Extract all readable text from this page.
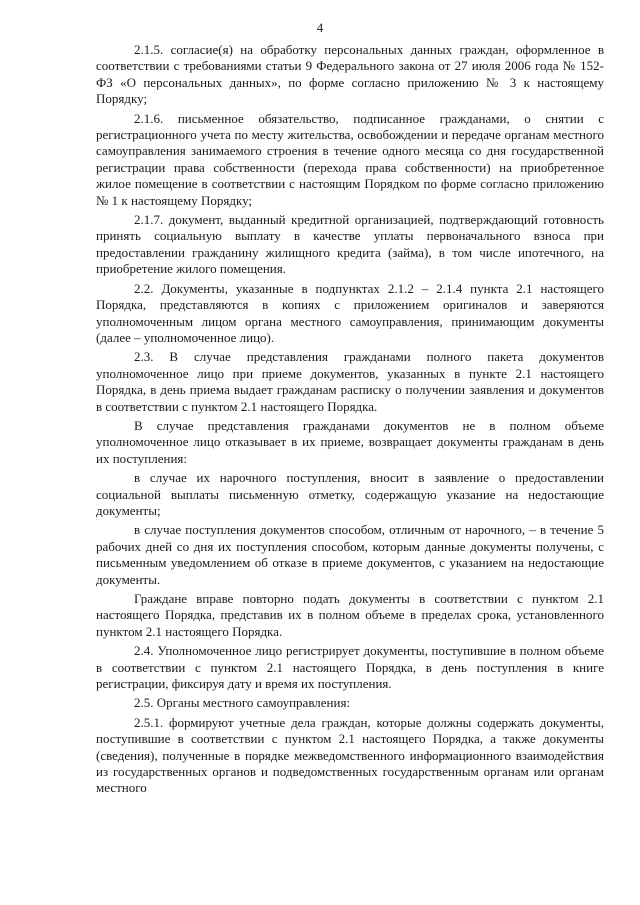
4

2.1.5. согласие(я) на обработку персональных данных граждан, оформленное в соответствии с требованиями статьи 9 Федерального закона от 27 июля 2006 года № 152-ФЗ «О персональных данных», по форме согласно приложению № 3 к настоящему Порядку;

2.1.6. письменное обязательство, подписанное гражданами, о снятии с регистрационного учета по месту жительства, освобождении и передаче органам местного самоуправления занимаемого строения в течение одного месяца со дня государственной регистрации права собственности (перехода права собственности) на приобретенное жилое помещение в соответствии с настоящим Порядком по форме согласно приложению № 1 к настоящему Порядку;

2.1.7. документ, выданный кредитной организацией, подтверждающий готовность принять социальную выплату в качестве уплаты первоначального взноса при предоставлении гражданину жилищного кредита (займа), в том числе ипотечного, на приобретение жилого помещения.

2.2. Документы, указанные в подпунктах 2.1.2 – 2.1.4 пункта 2.1 настоящего Порядка, представляются в копиях с приложением оригиналов и заверяются уполномоченным лицом органа местного самоуправления, принимающим документы (далее – уполномоченное лицо).

2.3. В случае представления гражданами полного пакета документов уполномоченное лицо при приеме документов, указанных в пункте 2.1 настоящего Порядка, в день приема выдает гражданам расписку о получении заявления и документов в соответствии с пунктом 2.1 настоящего Порядка.

В случае представления гражданами документов не в полном объеме уполномоченное лицо отказывает в их приеме, возвращает документы гражданам в день их поступления:

в случае их нарочного поступления, вносит в заявление о предоставлении социальной выплаты письменную отметку, содержащую указание на недостающие документы;

в случае поступления документов способом, отличным от нарочного, – в течение 5 рабочих дней со дня их поступления способом, которым данные документы получены, с письменным уведомлением об отказе в приеме документов, с указанием на недостающие документы.

Граждане вправе повторно подать документы в соответствии с пунктом 2.1 настоящего Порядка, представив их в полном объеме в пределах срока, установленного пунктом 2.1 настоящего Порядка.

2.4. Уполномоченное лицо регистрирует документы, поступившие в полном объеме в соответствии с пунктом 2.1 настоящего Порядка, в день поступления в книге регистрации, фиксируя дату и время их поступления.

2.5. Органы местного самоуправления:

2.5.1. формируют учетные дела граждан, которые должны содержать документы, поступившие в соответствии с пунктом 2.1 настоящего Порядка, а также документы (сведения), полученные в порядке межведомственного информационного взаимодействия из государственных органов и подведомственных государственным органам или органам местного
